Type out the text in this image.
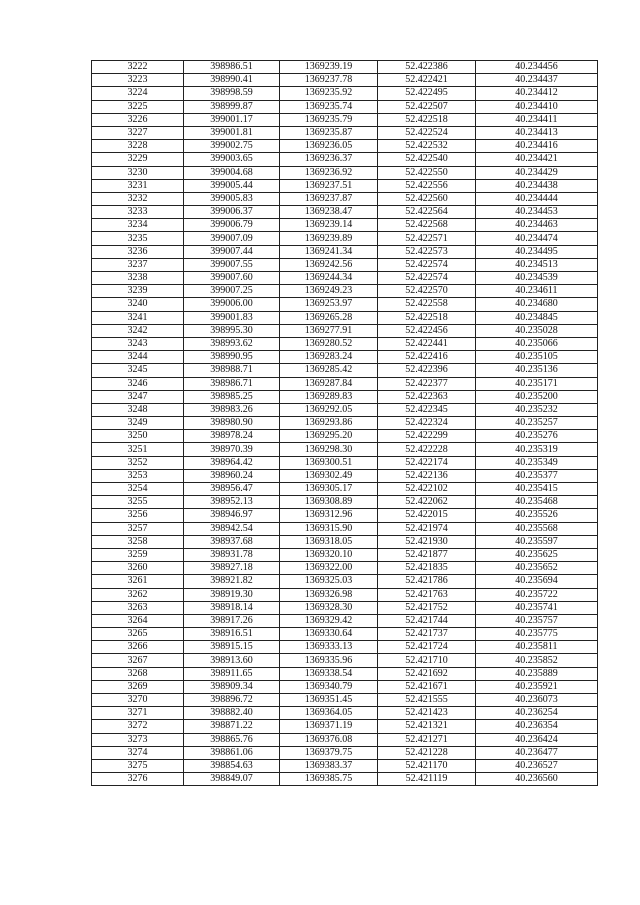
3222	398986.51	1369239.19	52.422386	40.234456
3223	398990.41	1369237.78	52.422421	40.234437
3224	398998.59	1369235.92	52.422495	40.234412
3225	398999.87	1369235.74	52.422507	40.234410
3226	399001.17	1369235.79	52.422518	40.234411
3227	399001.81	1369235.87	52.422524	40.234413
3228	399002.75	1369236.05	52.422532	40.234416
3229	399003.65	1369236.37	52.422540	40.234421
3230	399004.68	1369236.92	52.422550	40.234429
3231	399005.44	1369237.51	52.422556	40.234438
3232	399005.83	1369237.87	52.422560	40.234444
3233	399006.37	1369238.47	52.422564	40.234453
3234	399006.79	1369239.14	52.422568	40.234463
3235	399007.09	1369239.89	52.422571	40.234474
3236	399007.44	1369241.34	52.422573	40.234495
3237	399007.55	1369242.56	52.422574	40.234513
3238	399007.60	1369244.34	52.422574	40.234539
3239	399007.25	1369249.23	52.422570	40.234611
3240	399006.00	1369253.97	52.422558	40.234680
3241	399001.83	1369265.28	52.422518	40.234845
3242	398995.30	1369277.91	52.422456	40.235028
3243	398993.62	1369280.52	52.422441	40.235066
3244	398990.95	1369283.24	52.422416	40.235105
3245	398988.71	1369285.42	52.422396	40.235136
3246	398986.71	1369287.84	52.422377	40.235171
3247	398985.25	1369289.83	52.422363	40.235200
3248	398983.26	1369292.05	52.422345	40.235232
3249	398980.90	1369293.86	52.422324	40.235257
3250	398978.24	1369295.20	52.422299	40.235276
3251	398970.39	1369298.30	52.422228	40.235319
3252	398964.42	1369300.51	52.422174	40.235349
3253	398960.24	1369302.49	52.422136	40.235377
3254	398956.47	1369305.17	52.422102	40.235415
3255	398952.13	1369308.89	52.422062	40.235468
3256	398946.97	1369312.96	52.422015	40.235526
3257	398942.54	1369315.90	52.421974	40.235568
3258	398937.68	1369318.05	52.421930	40.235597
3259	398931.78	1369320.10	52.421877	40.235625
3260	398927.18	1369322.00	52.421835	40.235652
3261	398921.82	1369325.03	52.421786	40.235694
3262	398919.30	1369326.98	52.421763	40.235722
3263	398918.14	1369328.30	52.421752	40.235741
3264	398917.26	1369329.42	52.421744	40.235757
3265	398916.51	1369330.64	52.421737	40.235775
3266	398915.15	1369333.13	52.421724	40.235811
3267	398913.60	1369335.96	52.421710	40.235852
3268	398911.65	1369338.54	52.421692	40.235889
3269	398909.34	1369340.79	52.421671	40.235921
3270	398896.72	1369351.45	52.421555	40.236073
3271	398882.40	1369364.05	52.421423	40.236254
3272	398871.22	1369371.19	52.421321	40.236354
3273	398865.76	1369376.08	52.421271	40.236424
3274	398861.06	1369379.75	52.421228	40.236477
3275	398854.63	1369383.37	52.421170	40.236527
3276	398849.07	1369385.75	52.421119	40.236560
